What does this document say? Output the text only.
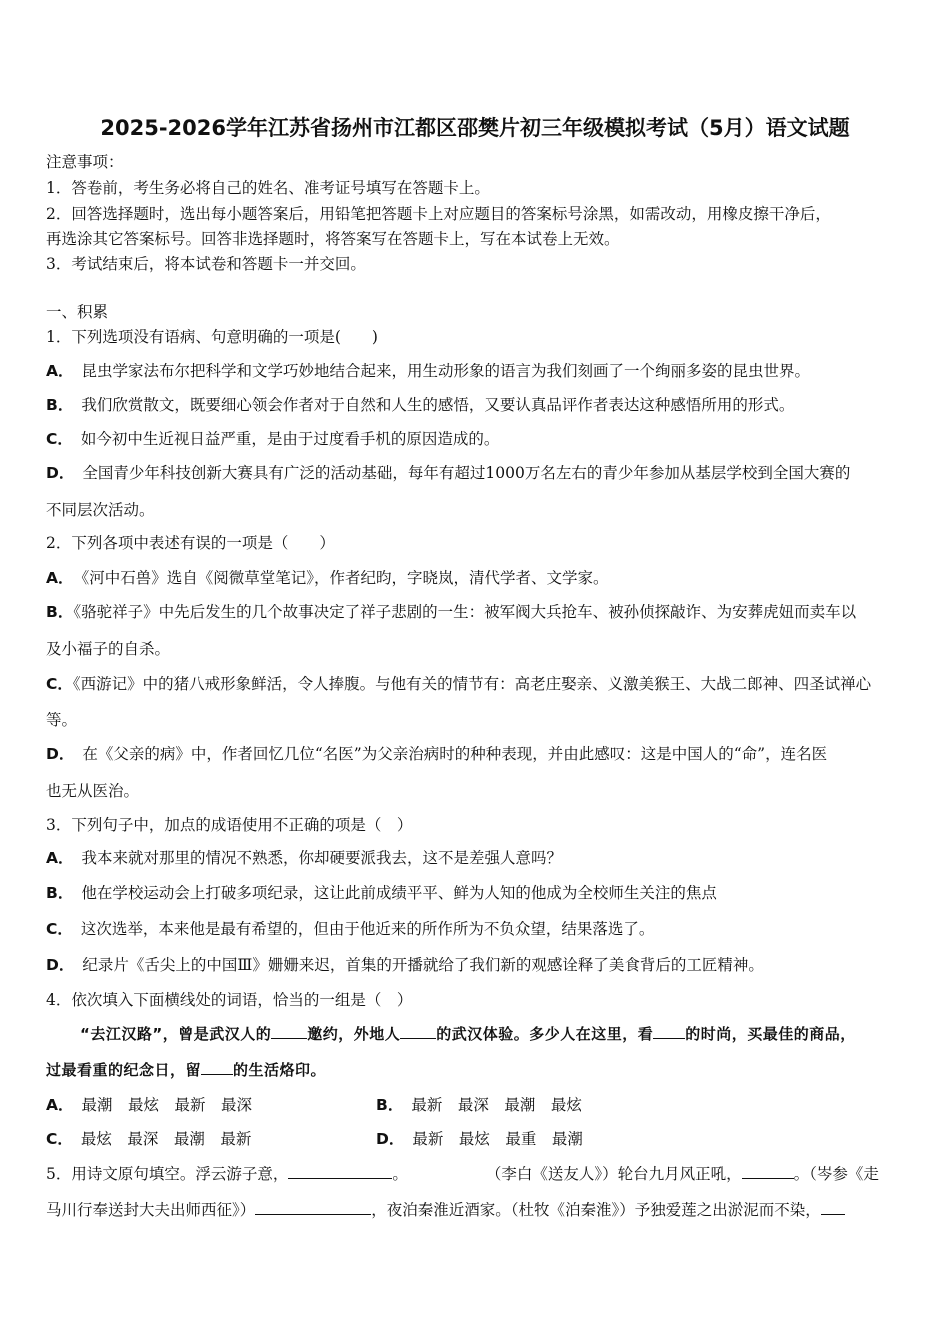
2025-2026学年江苏省扬州市江都区邵樊片初三年级模拟考试（5月）语文试题
注意事项：
1．答卷前，考生务必将自己的姓名、准考证号填写在答题卡上。
2．回答选择题时，选出每小题答案后，用铅笔把答题卡上对应题目的答案标号涂黑，如需改动，用橡皮擦干净后，
再选涂其它答案标号。回答非选择题时，将答案写在答题卡上，写在本试卷上无效。
3．考试结束后，将本试卷和答题卡一并交回。
一、积累
1．下列选项没有语病、句意明确的一项是(　　)
A． 昆虫学家法布尔把科学和文学巧妙地结合起来，用生动形象的语言为我们刻画了一个绚丽多姿的昆虫世界。
B． 我们欣赏散文，既要细心领会作者对于自然和人生的感悟，又要认真品评作者表达这种感悟所用的形式。
C． 如今初中生近视日益严重，是由于过度看手机的原因造成的。
D． 全国青少年科技创新大赛具有广泛的活动基础，每年有超过1000万名左右的青少年参加从基层学校到全国大赛的
不同层次活动。
2．下列各项中表述有误的一项是（　　）
A． 《河中石兽》选自《阅微草堂笔记》，作者纪昀，字晓岚，清代学者、文学家。
B．《骆驼祥子》中先后发生的几个故事决定了祥子悲剧的一生：被军阀大兵抢车、被孙侦探敲诈、为安葬虎妞而卖车以
及小福子的自杀。
C．《西游记》中的猪八戒形象鲜活，令人捧腹。与他有关的情节有：高老庄娶亲、义激美猴王、大战二郎神、四圣试禅心
等。
D． 在《父亲的病》中，作者回忆几位“名医”为父亲治病时的种种表现，并由此感叹：这是中国人的“命”，连名医
也无从医治。
3．下列句子中，加点的成语使用不正确的项是（　）
A． 我本来就对那里的情况不熟悉，你却硬要派我去，这不是差强人意吗？
B． 他在学校运动会上打破多项纪录，这让此前成绩平平、鲜为人知的他成为全校师生关注的焦点
C． 这次选举，本来他是最有希望的，但由于他近来的所作所为不负众望，结果落选了。
D． 纪录片《舌尖上的中国Ⅲ》姗姗来迟，首集的开播就给了我们新的观感诠释了美食背后的工匠精神。
4．依次填入下面横线处的词语，恰当的一组是（　）
“去江汉路”，曾是武汉人的 邀约，外地人 的武汉体验。多少人在这里，看 的时尚，买最佳的商品，
过最看重的纪念日，留 的生活烙印。
A． 最潮　最炫　最新　最深	B． 最新　最深　最潮　最炫
C． 最炫　最深　最潮　最新	D． 最新　最炫　最重　最潮
5．用诗文原句填空。浮云游子意，	。	（李白《送友人》）轮台九月风正吼，	。（岑参《走
马川行奉送封大夫出师西征》）	，夜泊秦淮近酒家。（杜牧《泊秦淮》）予独爱莲之出淤泥而不染，
